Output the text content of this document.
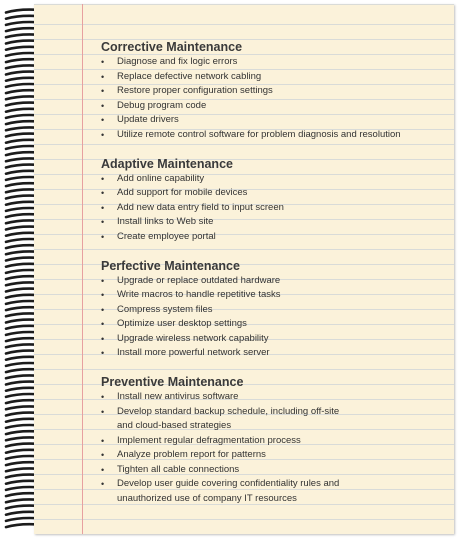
Corrective Maintenance
• Diagnose and fix logic errors
• Replace defective network cabling
• Restore proper configuration settings
• Debug program code
• Update drivers
• Utilize remote control software for problem diagnosis and resolution
Adaptive Maintenance
• Add online capability
• Add support for mobile devices
• Add new data entry field to input screen
• Install links to Web site
• Create employee portal
Perfective Maintenance
• Upgrade or replace outdated hardware
• Write macros to handle repetitive tasks
• Compress system files
• Optimize user desktop settings
• Upgrade wireless network capability
• Install more powerful network server
Preventive Maintenance
• Install new antivirus software
• Develop standard backup schedule, including off-site
and cloud-based strategies
• Implement regular defragmentation process
• Analyze problem report for patterns
• Tighten all cable connections
• Develop user guide covering confidentiality rules and
unauthorized use of company IT resources
